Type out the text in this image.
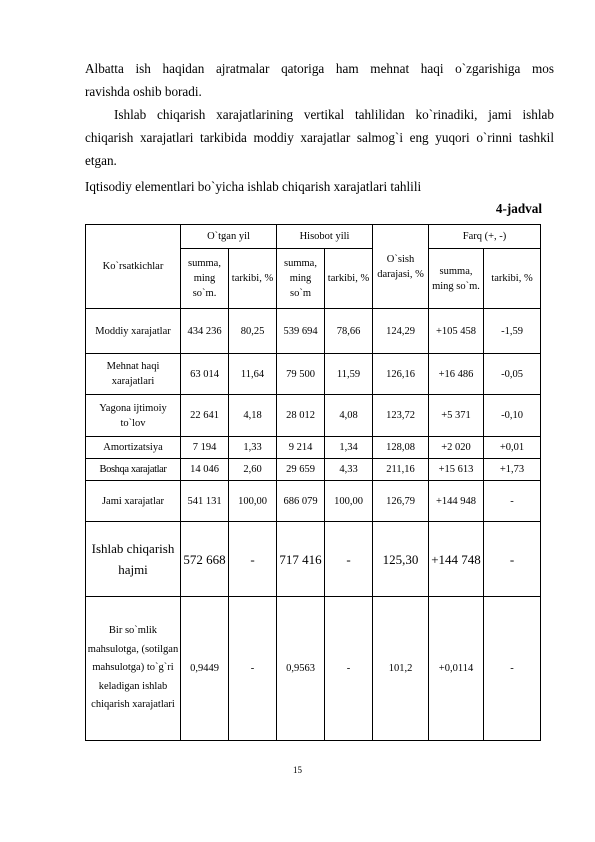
Albatta ish haqidan ajratmalar qatoriga ham mehnat haqi o`zgarishiga mos
ravishda oshib boradi.
Ishlab chiqarish xarajatlarining vertikal tahlilidan ko`rinadiki, jami ishlab
chiqarish xarajatlari tarkibida moddiy xarajatlar salmog`i eng yuqori o`rinni tashkil
etgan.
Iqtisodiy elementlari bo`yicha ishlab chiqarish xarajatlari tahlili
4-jadval
Ko`rsatkichlar	O`tgan yil		Hisobot yili		O`sish darajasi, %	Farq (+, -)	
	summa, ming so`m.	tarkibi, %	summa, ming so`m	tarkibi, %		summa, ming so`m.	tarkibi, %
Moddiy xarajatlar	434 236	80,25	539 694	78,66	124,29	+105 458	-1,59
Mehnat haqi xarajatlari	63 014	11,64	79 500	11,59	126,16	+16 486	-0,05
Yagona ijtimoiy to`lov	22 641	4,18	28 012	4,08	123,72	+5 371	-0,10
Amortizatsiya	7 194	1,33	9 214	1,34	128,08	+2 020	+0,01
Boshqa xarajatlar	14 046	2,60	29 659	4,33	211,16	+15 613	+1,73
Jami xarajatlar	541 131	100,00	686 079	100,00	126,79	+144 948	-
Ishlab chiqarish hajmi	572 668	-	717 416	-	125,30	+144 748	-
Bir so`mlik mahsulotga, (sotilgan mahsulotga) to`g`ri keladigan ishlab chiqarish xarajatlari	0,9449	-	0,9563	-	101,2	+0,0114	-
15
